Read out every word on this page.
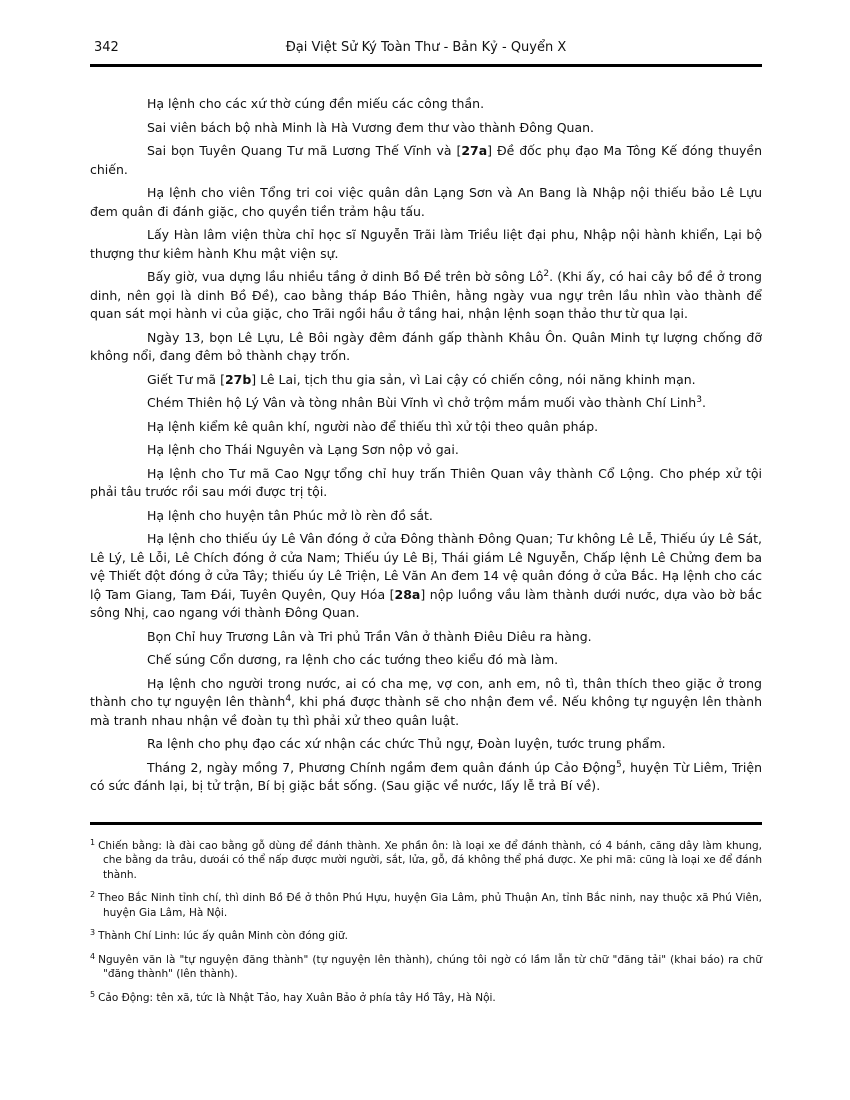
342	Đại Việt Sử Ký Toàn Thư - Bản Kỷ - Quyển X

Hạ lệnh cho các xứ thờ cúng đền miếu các công thần.

Sai viên bách bộ nhà Minh là Hà Vương đem thư vào thành Đông Quan.

Sai bọn Tuyên Quang Tư mã Lương Thế Vĩnh và [27a] Đề đốc phụ đạo Ma Tông Kế đóng thuyền chiến.

Hạ lệnh cho viên Tổng tri coi việc quân dân Lạng Sơn và An Bang là Nhập nội thiếu bảo Lê Lựu đem quân đi đánh giặc, cho quyền tiền trảm hậu tấu.

Lấy Hàn lâm viện thừa chỉ học sĩ Nguyễn Trãi làm Triều liệt đại phu, Nhập nội hành khiển, Lại bộ thượng thư kiêm hành Khu mật viện sự.

Bấy giờ, vua dựng lầu nhiều tầng ở dinh Bồ Đề trên bờ sông Lô$^2$. (Khi ấy, có hai cây bồ đề ở trong dinh, nên gọi là dinh Bồ Đề), cao bằng tháp Báo Thiên, hằng ngày vua ngự trên lầu nhìn vào thành để quan sát mọi hành vi của giặc, cho Trãi ngồi hầu ở tầng hai, nhận lệnh soạn thảo thư từ qua lại.

Ngày 13, bọn Lê Lựu, Lê Bôi ngày đêm đánh gấp thành Khâu Ôn. Quân Minh tự lượng chống đỡ không nổi, đang đêm bỏ thành chạy trốn.

Giết Tư mã [27b] Lê Lai, tịch thu gia sản, vì Lai cậy có chiến công, nói năng khinh mạn.

Chém Thiên hộ Lý Vân và tòng nhân Bùi Vĩnh vì chở trộm mắm muối vào thành Chí Linh$^3$.

Hạ lệnh kiểm kê quân khí, người nào để thiếu thì xử tội theo quân pháp.

Hạ lệnh cho Thái Nguyên và Lạng Sơn nộp vỏ gai.

Hạ lệnh cho Tư mã Cao Ngự tổng chỉ huy trấn Thiên Quan vây thành Cổ Lộng. Cho phép xử tội phải tâu trước rồi sau mới được trị tội.

Hạ lệnh cho huyện tân Phúc mở lò rèn đồ sắt.

Hạ lệnh cho thiếu úy Lê Vân đóng ở cửa Đông thành Đông Quan; Tư không Lê Lễ, Thiếu úy Lê Sát, Lê Lý, Lê Lỗi, Lê Chích đóng ở cửa Nam; Thiếu úy Lê Bị, Thái giám Lê Nguyễn, Chấp lệnh Lê Chửng đem ba vệ Thiết đột đóng ở cửa Tây; thiếu úy Lê Triện, Lê Văn An đem 14 vệ quân đóng ở cửa Bắc. Hạ lệnh cho các lộ Tam Giang, Tam Đái, Tuyên Quyên, Quy Hóa [28a] nộp luồng vầu làm thành dưới nước, dựa vào bờ bắc sông Nhị, cao ngang với thành Đông Quan.

Bọn Chỉ huy Trương Lân và Tri phủ Trần Vân ở thành Điêu Diêu ra hàng.

Chế súng Cổn dương, ra lệnh cho các tướng theo kiểu đó mà làm.

Hạ lệnh cho người trong nước, ai có cha mẹ, vợ con, anh em, nô tì, thân thích theo giặc ở trong thành cho tự nguyện lên thành$^4$, khi phá được thành sẽ cho nhận đem về. Nếu không tự nguyện lên thành mà tranh nhau nhận về đoàn tụ thì phải xử theo quân luật.

Ra lệnh cho phụ đạo các xứ nhận các chức Thủ ngự, Đoàn luyện, tước trung phẩm.

Tháng 2, ngày mồng 7, Phương Chính ngầm đem quân đánh úp Cảo Động$^5$, huyện Từ Liêm, Triện có sức đánh lại, bị tử trận, Bí bị giặc bắt sống. (Sau giặc về nước, lấy lễ trả Bí về).

$^1$ Chiến bằng: là đài cao bằng gỗ dùng để đánh thành. Xe phần ôn: là loại xe để đánh thành, có 4 bánh, căng dây làm khung, che bằng da trâu, dưoái có thể nấp được mười người, sắt, lửa, gỗ, đá không thể phá được. Xe phi mã: cũng là loại xe để đánh thành.
$^2$ Theo Bắc Ninh tỉnh chí, thì dinh Bồ Đề ở thôn Phú Hựu, huyện Gia Lâm, phủ Thuận An, tỉnh Bắc ninh, nay thuộc xã Phú Viên, huyện Gia Lâm, Hà Nội.
$^3$ Thành Chí Linh: lúc ấy quân Minh còn đóng giữ.
$^4$ Nguyên văn là "tự nguyện đăng thành" (tự nguyện lên thành), chúng tôi ngờ có lầm lẫn từ chữ "đăng tải" (khai báo) ra chữ "đăng thành" (lên thành).
$^5$ Cảo Động: tên xã, tức là Nhật Tảo, hay Xuân Bảo ở phía tây Hồ Tây, Hà Nội.
